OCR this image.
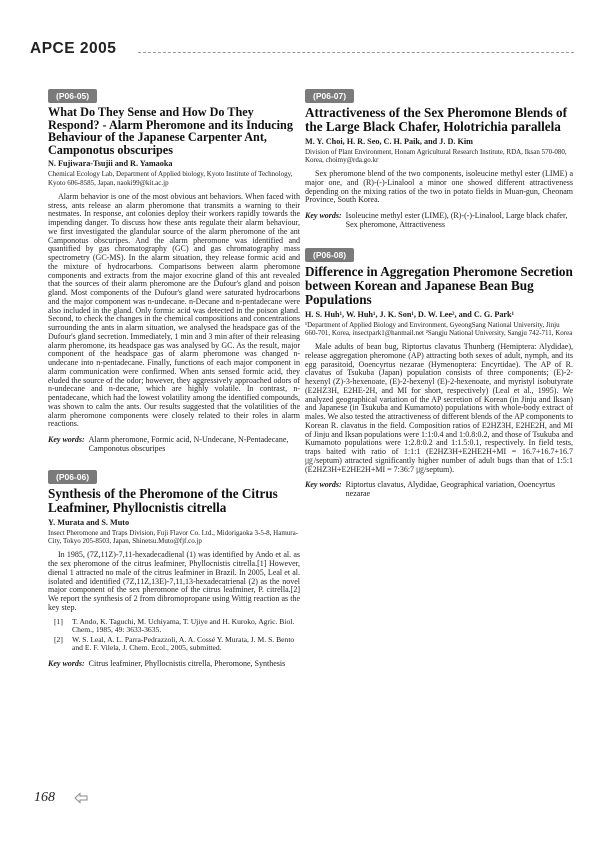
APCE 2005
(P06-05)
What Do They Sense and How Do They Respond? - Alarm Pheromone and its Inducing Behaviour of the Japanese Carpenter Ant, Camponotus obscuripes
N. Fujiwara-Tsujii and R. Yamaoka
Chemical Ecology Lab, Department of Applied biology, Kyoto Institute of Technology, Kyoto 606-8585, Japan, naoki99@kit.ac.jp

Alarm behavior is one of the most obvious ant behaviors. When faced with stress, ants release an alarm pheromone that transmits a warning to their nestmates. In response, ant colonies deploy their workers rapidly towards the impending danger. To discuss how these ants regulate their alarm behaviour, we first investigated the glandular source of the alarm pheromone of the ant Camponotus obscuripes. And the alarm pheromone was identified and quantified by gas chromatography (GC) and gas chromatography mass spectrometry (GC-MS). In the alarm situation, they release formic acid and the mixture of hydrocarbons. Comparisons between alarm pheromone components and extracts from the major exocrine gland of this ant revealed that the sources of their alarm pheromone are the Dufour's gland and poison gland. Most components of the Dufour's gland were saturated hydrocarbons and the major component was n-undecane. n-Decane and n-pentadecane were also included in the gland. Only formic acid was detected in the poison gland. Second, to check the changes in the chemical compositions and concentrations surrounding the ants in alarm situation, we analysed the headspace gas of the Dufour's gland secretion. Immediately, 1 min and 3 min after of their releasing alarm pheromone, its headspace gas was analysed by GC. As the result, major component of the headspace gas of alarm pheromone was changed n-undecane into n-pentadecane. Finally, functions of each major component in alarm communication were confirmed. When ants sensed formic acid, they eluded the source of the odor; however, they aggressively approached odors of n-undecane and n-decane, which are highly volatile. In contrast, n-pentadecane, which had the lowest volatility among the identified compounds, was shown to calm the ants. Our results suggested that the volatilities of the alarm pheromone components were closely related to their roles in alarm reactions.

Key words: Alarm pheromone, Formic acid, N-Undecane, N-Pentadecane, Camponotus obscuripes
(P06-06)
Synthesis of the Pheromone of the Citrus Leafminer, Phyllocnistis citrella
Y. Murata and S. Muto
Insect Pheromone and Traps Division, Fuji Flavor Co. Ltd., Midorigaoka 3-5-8, Hamura-City, Tokyo 205-8503, Japan, Shinetsu.Muto@fjf.co.jp

In 1985, (7Z,11Z)-7,11-hexadecadienal (1) was identified by Ando et al. as the sex pheromone of the citrus leafminer, Phyllocnistis citrella.[1] However, dienal 1 attracted no male of the citrus leafminer in Brazil. In 2005, Leal et al. isolated and identified (7Z,11Z,13E)-7,11,13-hexadecatrienal (2) as the novel major component of the sex pheromone of the citrus leafminer, P. citrella.[2] We report the synthesis of 2 from dibromopropane using Wittig reaction as the key step.

[1]	T. Ando, K. Taguchi, M. Uchiyama, T. Ujiye and H. Kuroko, Agric. Biol. Chem., 1985, 49: 3633-3635.
[2]	W. S. Leal, A. L. Parra-Pedrazzoli, A. A. Cossé Y. Murata, J. M. S. Bento and E. F. Vilela, J. Chem. Ecol., 2005, submitted.
Key words: Citrus leafminer, Phyllocnistis citrella, Pheromone, Synthesis
(P06-07)
Attractiveness of the Sex Pheromone Blends of the Large Black Chafer, Holotrichia parallela
M. Y. Choi, H. R. Seo, C. H. Paik, and J. D. Kim
Division of Plant Environment, Honam Agricultural Research Institute, RDA, Iksan 570-080, Korea, choimy@rda.go.kr

Sex pheromone blend of the two components, isoleucine methyl ester (LIME) a major one, and (R)-(-)-Linalool a minor one showed different attractiveness depending on the mixing ratios of the two in potato fields in Muan-gun, Cheonam Province, South Korea.

Key words: Isoleucine methyl ester (LIME), (R)-(-)-Linalool, Large black chafer, Sex pheromone, Attractiveness
(P06-08)
Difference in Aggregation Pheromone Secretion between Korean and Japanese Bean Bug Populations
H. S. Huh¹, W. Huh¹, J. K. Son¹, D. W. Lee², and C. G. Park¹
¹Department of Applied Biology and Environment, GyeongSang National University, Jinju 660-701, Korea, insectpark1@hanmail.net ²Sangju National University, Sangju 742-711, Korea

Male adults of bean bug, Riptortus clavatus Thunberg (Hemiptera: Alydidae), release aggregation pheromone (AP) attracting both sexes of adult, nymph, and its egg parasitoid, Ooencyrtus nezarae (Hymenoptera: Encyrtidae). The AP of R. clavatus of Tsukuba (Japan) population consists of three components; (E)-2-hexenyl (Z)-3-hexenoate, (E)-2-hexenyl (E)-2-hexenoate, and myristyl isobutyrate (E2HZ3H, E2HE-2H, and MI for short, respectively) (Leal et al., 1995). We analyzed geographical variation of the AP secretion of Korean (in Jinju and Iksan) and Japanese (in Tsukuba and Kumamoto) populations with whole-body extract of males. We also tested the attractiveness of different blends of the AP components to Korean R. clavatus in the field. Composition ratios of E2HZ3H, E2HE2H, and MI of Jinju and Iksan populations were 1:1:0.4 and 1:0.8:0.2, and those of Tsukuba and Kumamoto populations were 1:2.8:0.2 and 1:1.5:0.1, respectively. In field tests, traps baited with ratio of 1:1:1 (E2HZ3H+E2HE2H+MI = 16.7+16.7+16.7 ㎍/septum) attracted significantly higher number of adult bugs than that of 1:5:1 (E2HZ3H+E2HE2H+MI = 7:36:7 ㎍/septum).

Key words: Riptortus clavatus, Alydidae, Geographical variation, Ooencyrtus nezarae
168
